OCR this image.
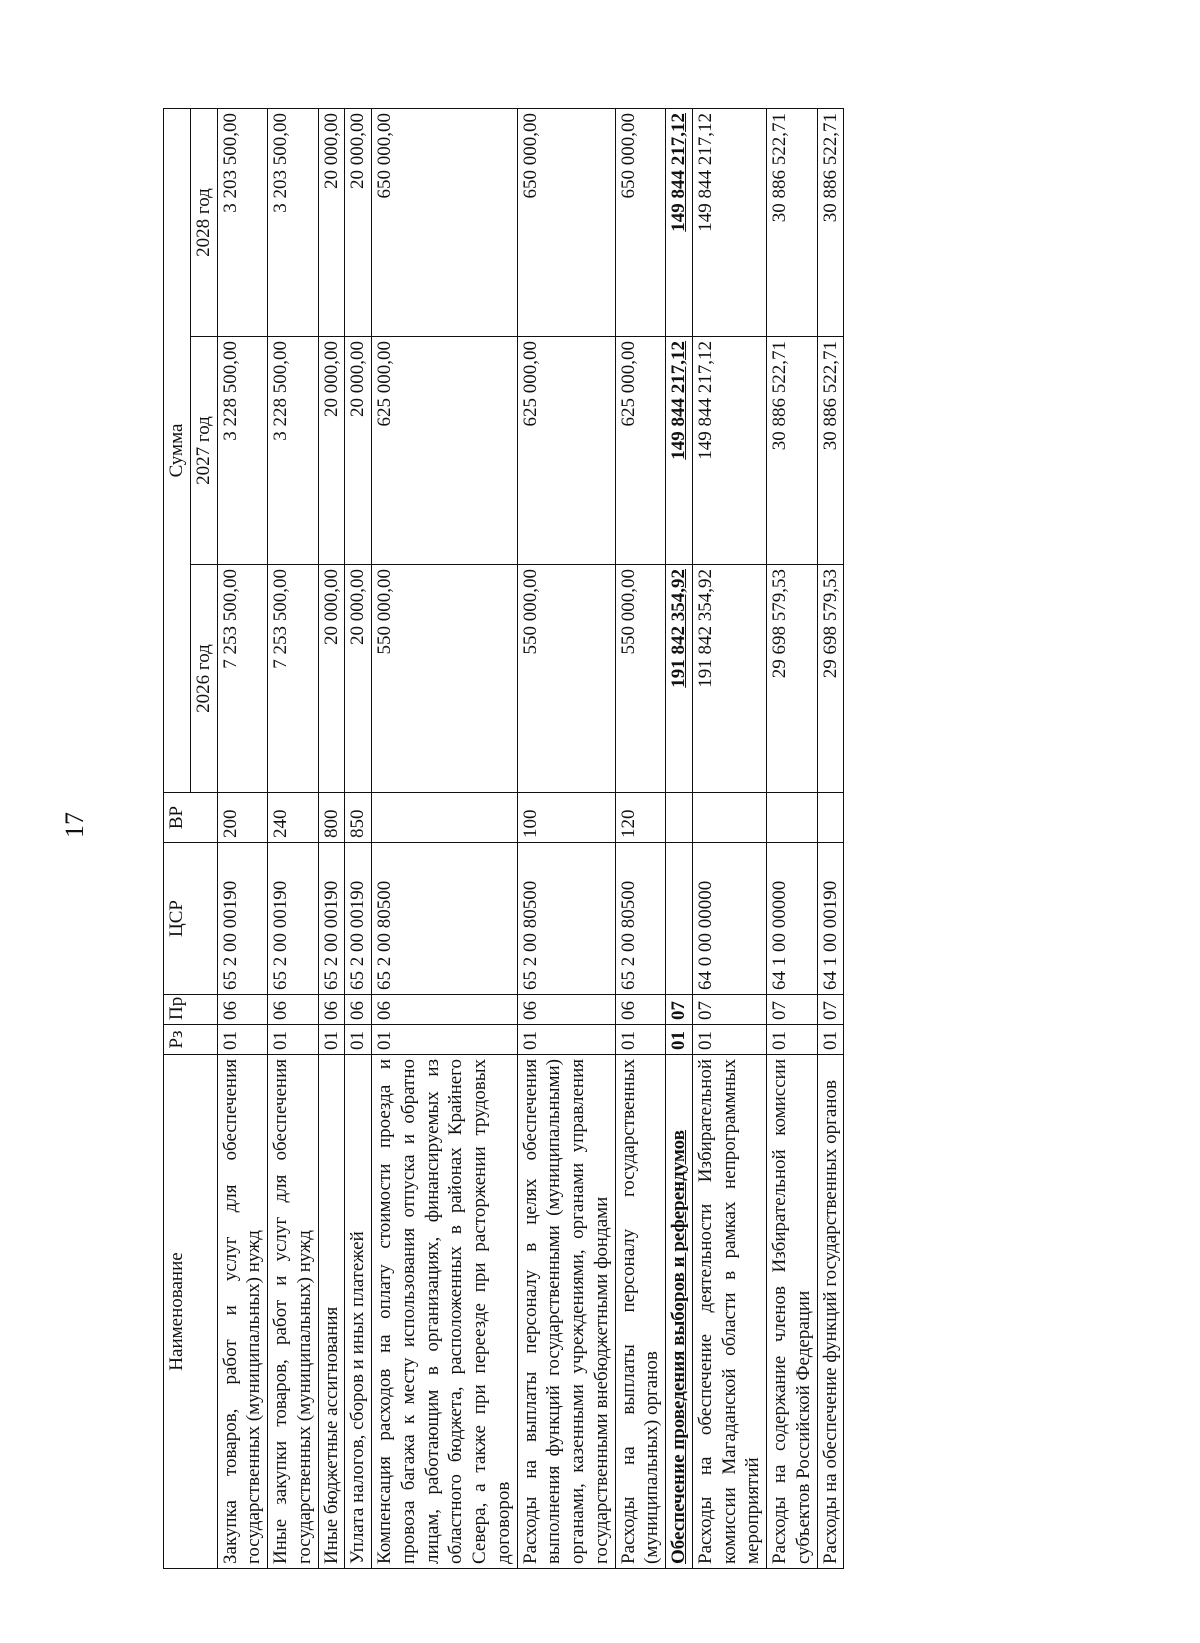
17
Наименование	Рз	Пр	ЦСР	ВР	Сумма		
					2026 год	2027 год	2028 год
Закупка товаров, работ и услуг для обеспечения государственных (муниципальных) нужд	01	06	65 2 00 00190	200	7 253 500,00	3 228 500,00	3 203 500,00
Иные закупки товаров, работ и услуг для обеспечения государственных (муниципальных) нужд	01	06	65 2 00 00190	240	7 253 500,00	3 228 500,00	3 203 500,00
Иные бюджетные ассигнования	01	06	65 2 00 00190	800	20 000,00	20 000,00	20 000,00
Уплата налогов, сборов и иных платежей	01	06	65 2 00 00190	850	20 000,00	20 000,00	20 000,00
Компенсация расходов на оплату стоимости проезда и провоза багажа к месту использования отпуска и обратно лицам, работающим в организациях, финансируемых из областного бюджета, расположенных в районах Крайнего Севера, а также при переезде при расторжении трудовых договоров	01	06	65 2 00 80500		550 000,00	625 000,00	650 000,00
Расходы на выплаты персоналу в целях обеспечения выполнения функций государственными (муниципальными) органами, казенными учреждениями, органами управления государственными внебюджетными фондами	01	06	65 2 00 80500	100	550 000,00	625 000,00	650 000,00
Расходы на выплаты персоналу государственных (муниципальных) органов	01	06	65 2 00 80500	120	550 000,00	625 000,00	650 000,00
Обеспечение проведения выборов и референдумов	01	07			191 842 354,92	149 844 217,12	149 844 217,12
Расходы на обеспечение деятельности Избирательной комиссии Магаданской области в рамках непрограммных мероприятий	01	07	64 0 00 00000		191 842 354,92	149 844 217,12	149 844 217,12
Расходы на содержание членов Избирательной комиссии субъектов Российской Федерации	01	07	64 1 00 00000		29 698 579,53	30 886 522,71	30 886 522,71
Расходы на обеспечение функций государственных органов	01	07	64 1 00 00190		29 698 579,53	30 886 522,71	30 886 522,71
